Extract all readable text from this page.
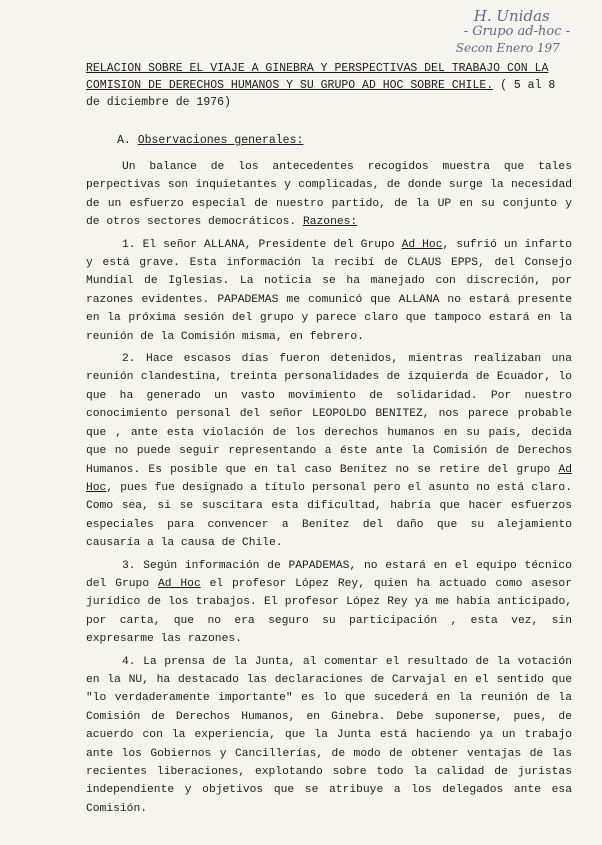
H. Unidas
- Grupo ad-hoc -
Secon Enero 197
RELACION SOBRE EL VIAJE A GINEBRA Y PERSPECTIVAS DEL TRABAJO CON LA COMISION DE DERECHOS HUMANOS Y SU GRUPO AD HOC SOBRE CHILE. ( 5 al 8 de diciembre de 1976)
A. Observaciones generales:

Un balance de los antecedentes recogidos muestra que tales perpectivas son inquietantes y complicadas, de donde surge la necesidad de un esfuerzo especial de nuestro partido, de la UP en su conjunto y de otros sectores democráticos. Razones:

1. El señor ALLANA, Presidente del Grupo Ad Hoc, sufrió un infarto y está grave. Esta información la recibí de CLAUS EPPS, del Consejo Mundial de Iglesias. La noticia se ha manejado con discreción, por razones evidentes. PAPADEMAS me comunicó que ALLANA no estará presente en la próxima sesión del grupo y parece claro que tampoco estará en la reunión de la Comisión misma, en febrero.

2. Hace escasos días fueron detenidos, mientras realizaban una reunión clandestina, treinta personalidades de izquierda de Ecuador, lo que ha generado un vasto movimiento de solidaridad. Por nuestro conocimiento personal del señor LEOPOLDO BENITEZ, nos parece probable que , ante esta violación de los derechos humanos en su país, decida que no puede seguir representando a éste ante la Comisión de Derechos Humanos. Es posible que en tal caso Benítez no se retire del grupo Ad Hoc, pues fue designado a título personal pero el asunto no está claro. Como sea, si se suscitara esta dificultad, habría que hacer esfuerzos especiales para convencer a Benítez del daño que su alejamiento causaría a la causa de Chile.

3. Según información de PAPADEMAS, no estará en el equipo técnico del Grupo Ad Hoc el profesor López Rey, quien ha actuado como asesor jurídico de los trabajos. El profesor López Rey ya me había anticipado, por carta, que no era seguro su participación , esta vez, sin expresarme las razones.

4. La prensa de la Junta, al comentar el resultado de la votación en la NU, ha destacado las declaraciones de Carvajal en el sentido que "lo verdaderamente importante" es lo que sucederá en la reunión de la Comisión de Derechos Humanos, en Ginebra. Debe suponerse, pues, de acuerdo con la experiencia, que la Junta está haciendo ya un trabajo ante los Gobiernos y Cancillerías, de modo de obtener ventajas de las recientes liberaciones, explotando sobre todo la calidad de juristas independiente y objetivos que se atribuye a los delegados ante esa Comisión.
